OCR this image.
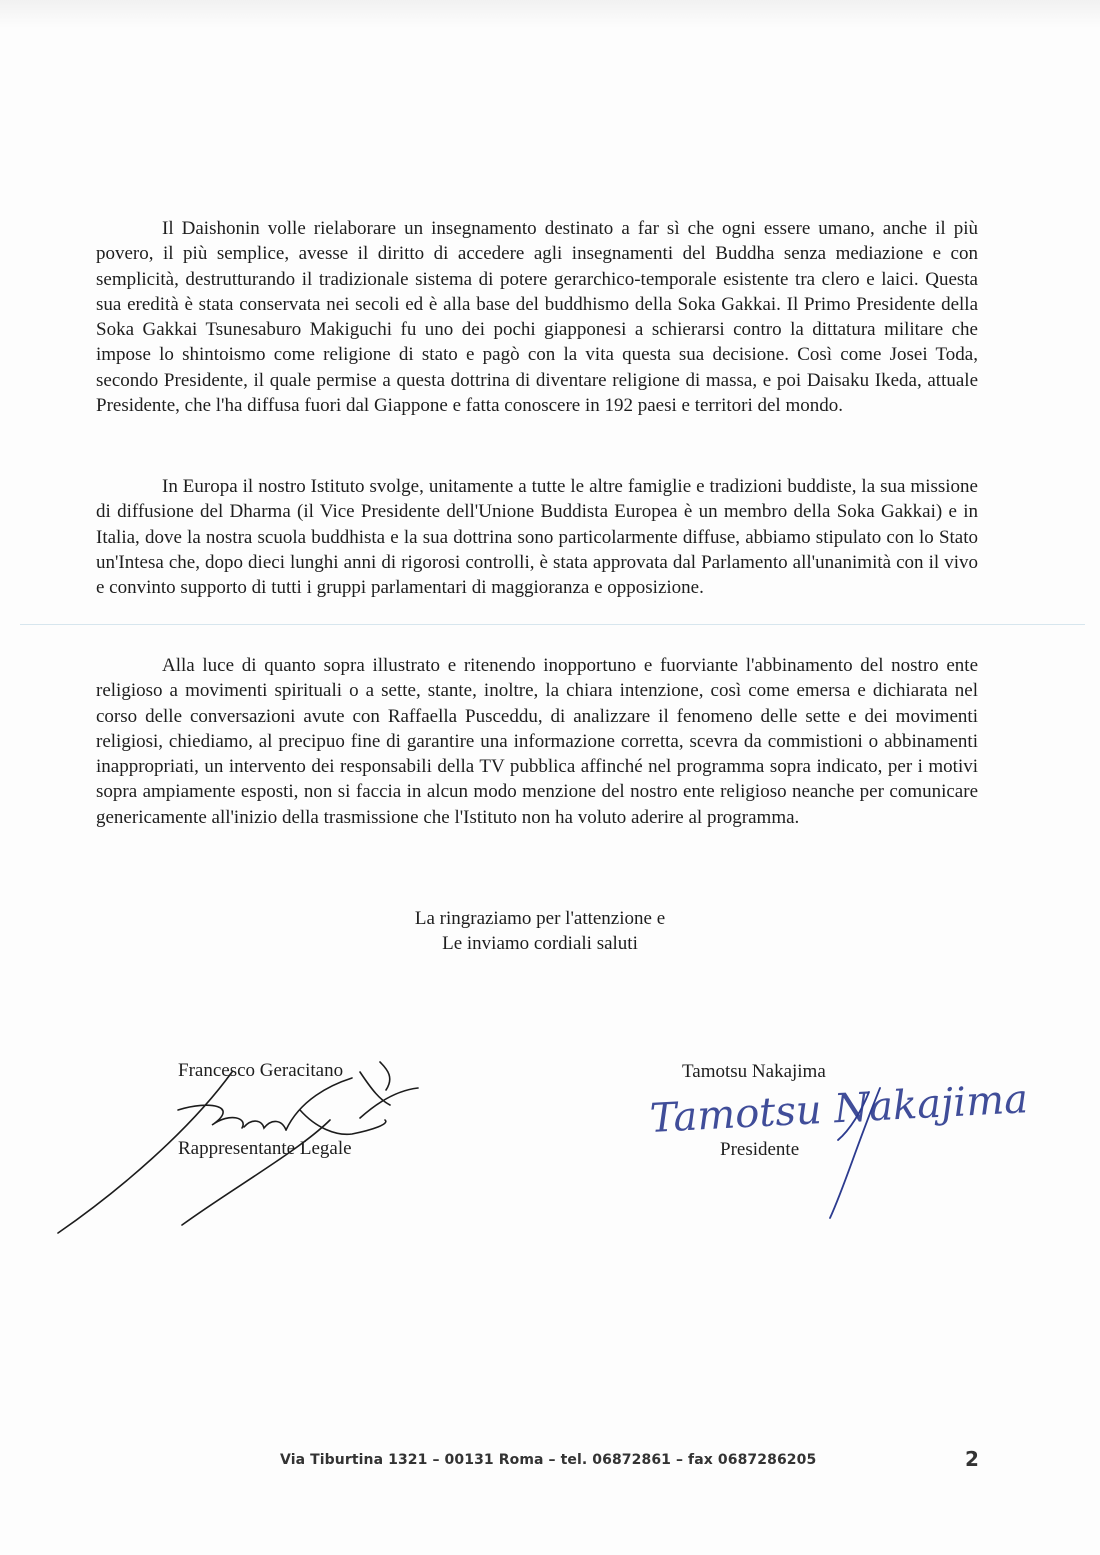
Il Daishonin volle rielaborare un insegnamento destinato a far sì che ogni essere umano, anche il più povero, il più semplice, avesse il diritto di accedere agli insegnamenti del Buddha senza mediazione e con semplicità, destrutturando il tradizionale sistema di potere gerarchico-temporale esistente tra clero e laici. Questa sua eredità è stata conservata nei secoli ed è alla base del buddhismo della Soka Gakkai. Il Primo Presidente della Soka Gakkai Tsunesaburo Makiguchi fu uno dei pochi giapponesi a schierarsi contro la dittatura militare che impose lo shintoismo come religione di stato e pagò con la vita questa sua decisione. Così come Josei Toda, secondo Presidente, il quale permise a questa dottrina di diventare religione di massa, e poi Daisaku Ikeda, attuale Presidente, che l'ha diffusa fuori dal Giappone e fatta conoscere in 192 paesi e territori del mondo.

In Europa il nostro Istituto svolge, unitamente a tutte le altre famiglie e tradizioni buddiste, la sua missione di diffusione del Dharma (il Vice Presidente dell'Unione Buddista Europea è un membro della Soka Gakkai) e in Italia, dove la nostra scuola buddhista e la sua dottrina sono particolarmente diffuse, abbiamo stipulato con lo Stato un'Intesa che, dopo dieci lunghi anni di rigorosi controlli, è stata approvata dal Parlamento all'unanimità con il vivo e convinto supporto di tutti i gruppi parlamentari di maggioranza e opposizione.

Alla luce di quanto sopra illustrato e ritenendo inopportuno e fuorviante l'abbinamento del nostro ente religioso a movimenti spirituali o a sette, stante, inoltre, la chiara intenzione, così come emersa e dichiarata nel corso delle conversazioni avute con Raffaella Pusceddu, di analizzare il fenomeno delle sette e dei movimenti religiosi, chiediamo, al precipuo fine di garantire una informazione corretta, scevra da commistioni o abbinamenti inappropriati, un intervento dei responsabili della TV pubblica affinché nel programma sopra indicato, per i motivi sopra ampiamente esposti, non si faccia in alcun modo menzione del nostro ente religioso neanche per comunicare genericamente all'inizio della trasmissione che l'Istituto non ha voluto aderire al programma.

La ringraziamo per l'attenzione e
Le inviamo cordiali saluti
Francesco Geracitano
Rappresentante Legale
Tamotsu Nakajima
Presidente
Tamotsu Nakajima
Via Tiburtina 1321 – 00131 Roma – tel. 06872861 – fax 0687286205	2
